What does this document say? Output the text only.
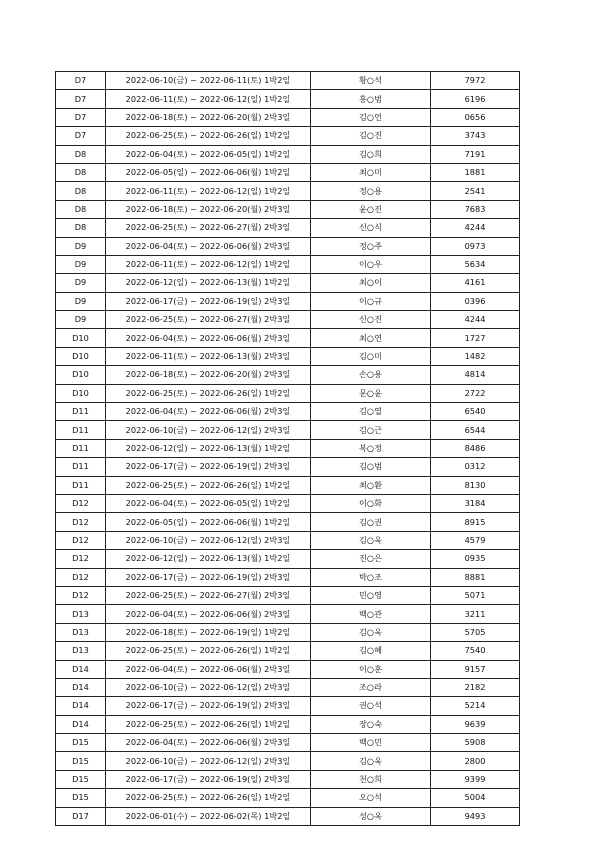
D7	2022-06-10(금) ~ 2022-06-11(토) 1박2일	황○석	7972
D7	2022-06-11(토) ~ 2022-06-12(일) 1박2일	홍○범	6196
D7	2022-06-18(토) ~ 2022-06-20(월) 2박3일	김○언	0656
D7	2022-06-25(토) ~ 2022-06-26(일) 1박2일	김○진	3743
D8	2022-06-04(토) ~ 2022-06-05(일) 1박2일	김○희	7191
D8	2022-06-05(일) ~ 2022-06-06(월) 1박2일	최○미	1881
D8	2022-06-11(토) ~ 2022-06-12(일) 1박2일	정○용	2541
D8	2022-06-18(토) ~ 2022-06-20(월) 2박3일	윤○진	7683
D8	2022-06-25(토) ~ 2022-06-27(월) 2박3일	신○식	4244
D9	2022-06-04(토) ~ 2022-06-06(월) 2박3일	정○주	0973
D9	2022-06-11(토) ~ 2022-06-12(일) 1박2일	이○우	5634
D9	2022-06-12(일) ~ 2022-06-13(월) 1박2일	최○이	4161
D9	2022-06-17(금) ~ 2022-06-19(일) 2박3일	이○규	0396
D9	2022-06-25(토) ~ 2022-06-27(월) 2박3일	신○진	4244
D10	2022-06-04(토) ~ 2022-06-06(월) 2박3일	최○연	1727
D10	2022-06-11(토) ~ 2022-06-13(월) 2박3일	김○미	1482
D10	2022-06-18(토) ~ 2022-06-20(월) 2박3일	손○용	4814
D10	2022-06-25(토) ~ 2022-06-26(일) 1박2일	문○윤	2722
D11	2022-06-04(토) ~ 2022-06-06(월) 2박3일	김○열	6540
D11	2022-06-10(금) ~ 2022-06-12(일) 2박3일	김○근	6544
D11	2022-06-12(일) ~ 2022-06-13(월) 1박2일	복○정	8486
D11	2022-06-17(금) ~ 2022-06-19(일) 2박3일	김○범	0312
D11	2022-06-25(토) ~ 2022-06-26(일) 1박2일	최○환	8130
D12	2022-06-04(토) ~ 2022-06-05(일) 1박2일	이○화	3184
D12	2022-06-05(일) ~ 2022-06-06(월) 1박2일	김○권	8915
D12	2022-06-10(금) ~ 2022-06-12(일) 2박3일	김○욱	4579
D12	2022-06-12(일) ~ 2022-06-13(월) 1박2일	진○은	0935
D12	2022-06-17(금) ~ 2022-06-19(일) 2박3일	박○조	8881
D12	2022-06-25(토) ~ 2022-06-27(월) 2박3일	민○영	5071
D13	2022-06-04(토) ~ 2022-06-06(월) 2박3일	백○관	3211
D13	2022-06-18(토) ~ 2022-06-19(일) 1박2일	김○욱	5705
D13	2022-06-25(토) ~ 2022-06-26(일) 1박2일	김○혜	7540
D14	2022-06-04(토) ~ 2022-06-06(월) 2박3일	이○훈	9157
D14	2022-06-10(금) ~ 2022-06-12(일) 2박3일	조○라	2182
D14	2022-06-17(금) ~ 2022-06-19(일) 2박3일	권○석	5214
D14	2022-06-25(토) ~ 2022-06-26(일) 1박2일	장○숙	9639
D15	2022-06-04(토) ~ 2022-06-06(월) 2박3일	백○민	5908
D15	2022-06-10(금) ~ 2022-06-12(일) 2박3일	김○욱	2800
D15	2022-06-17(금) ~ 2022-06-19(일) 2박3일	천○희	9399
D15	2022-06-25(토) ~ 2022-06-26(일) 1박2일	오○석	5004
D17	2022-06-01(수) ~ 2022-06-02(목) 1박2일	성○옥	9493
